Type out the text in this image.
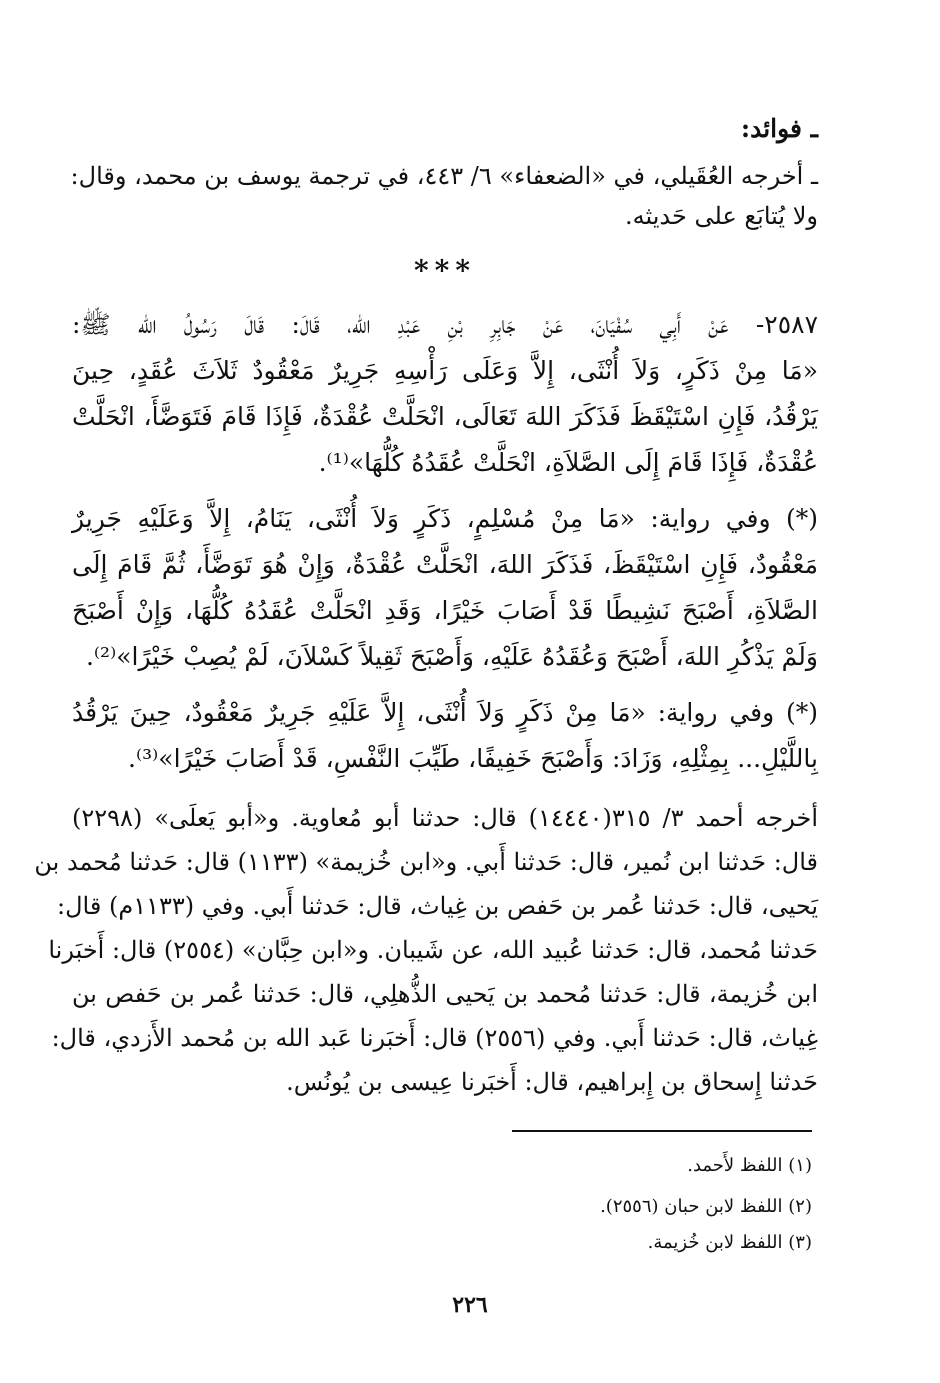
ـ فوائد:
ـ أخرجه العُقَيلي، في «الضعفاء» ٦/ ٤٤٣، في ترجمة يوسف بن محمد، وقال:
ولا يُتابَع على حَديثه.
***
٢٥٨٧- عَنْ أَبِي سُفْيَانَ، عَنْ جَابِرِ بْنِ عَبْدِ الله، قَالَ: قَالَ رَسُولُ الله ﷺ:
«مَا مِنْ ذَكَرٍ، وَلاَ أُنْثَى، إِلاَّ وَعَلَى رَأْسِهِ جَرِيرٌ مَعْقُودٌ ثَلاَثَ عُقَدٍ، حِينَ
يَرْقُدُ، فَإِنِ اسْتَيْقَظَ فَذَكَرَ اللهَ تَعَالَى، انْحَلَّتْ عُقْدَةٌ، فَإِذَا قَامَ فَتَوَضَّأَ، انْحَلَّتْ
عُقْدَةٌ، فَإِذَا قَامَ إِلَى الصَّلاَةِ، انْحَلَّتْ عُقَدُهُ كُلُّهَا»⁽¹⁾.
(*) وفي رواية: «مَا مِنْ مُسْلِمٍ، ذَكَرٍ وَلاَ أُنْثَى، يَنَامُ، إِلاَّ وَعَلَيْهِ جَرِيرٌ
مَعْقُودٌ، فَإِنِ اسْتَيْقَظَ، فَذَكَرَ اللهَ، انْحَلَّتْ عُقْدَةٌ، وَإِنْ هُوَ تَوَضَّأَ، ثُمَّ قَامَ إِلَى
الصَّلاَةِ، أَصْبَحَ نَشِيطًا قَدْ أَصَابَ خَيْرًا، وَقَدِ انْحَلَّتْ عُقَدُهُ كُلُّهَا، وَإِنْ أَصْبَحَ
وَلَمْ يَذْكُرِ اللهَ، أَصْبَحَ وَعُقَدُهُ عَلَيْهِ، وَأَصْبَحَ ثَقِيلاً كَسْلاَنَ، لَمْ يُصِبْ خَيْرًا»⁽²⁾.
(*) وفي رواية: «مَا مِنْ ذَكَرٍ وَلاَ أُنْثَى، إِلاَّ عَلَيْهِ جَرِيرٌ مَعْقُودٌ، حِينَ يَرْقُدُ
بِاللَّيْلِ... بِمِثْلِهِ، وَزَادَ: وَأَصْبَحَ خَفِيفًا، طَيِّبَ النَّفْسِ، قَدْ أَصَابَ خَيْرًا»⁽³⁾.
أخرجه أحمد ٣/ ٣١٥(١٤٤٤٠) قال: حدثنا أبو مُعاوية. و«أبو يَعلَى» (٢٢٩٨)
قال: حَدثنا ابن نُمير، قال: حَدثنا أَبي. و«ابن خُزيمة» (١١٣٣) قال: حَدثنا مُحمد بن
يَحيى، قال: حَدثنا عُمر بن حَفص بن غِياث، قال: حَدثنا أَبي. وفي (١١٣٣م) قال:
حَدثنا مُحمد، قال: حَدثنا عُبيد الله، عن شَيبان. و«ابن حِبَّان» (٢٥٥٤) قال: أَخبَرنا
ابن خُزيمة، قال: حَدثنا مُحمد بن يَحيى الذُّهلِي، قال: حَدثنا عُمر بن حَفص بن
غِياث، قال: حَدثنا أَبي. وفي (٢٥٥٦) قال: أَخبَرنا عَبد الله بن مُحمد الأَزدي، قال:
حَدثنا إِسحاق بن إِبراهيم، قال: أَخبَرنا عِيسى بن يُونُس.
(١) اللفظ لأَحمد.
(٢) اللفظ لابن حبان (٢٥٥٦).
(٣) اللفظ لابن خُزيمة.
٢٢٦
